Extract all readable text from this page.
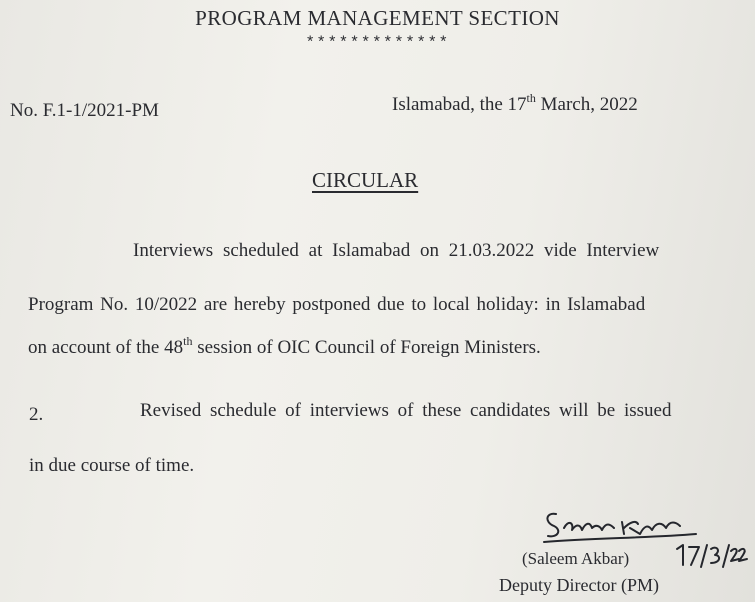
PROGRAM MANAGEMENT SECTION
*************
No. F.1-1/2021-PM	Islamabad, the 17th March, 2022
CIRCULAR
Interviews scheduled at Islamabad on 21.03.2022 vide Interview
Program No. 10/2022 are hereby postponed due to local holiday: in Islamabad
on account of the 48th session of OIC Council of Foreign Ministers.
2.	Revised schedule of interviews of these candidates will be issued
in due course of time.
(Saleem Akbar)
Deputy Director (PM)
